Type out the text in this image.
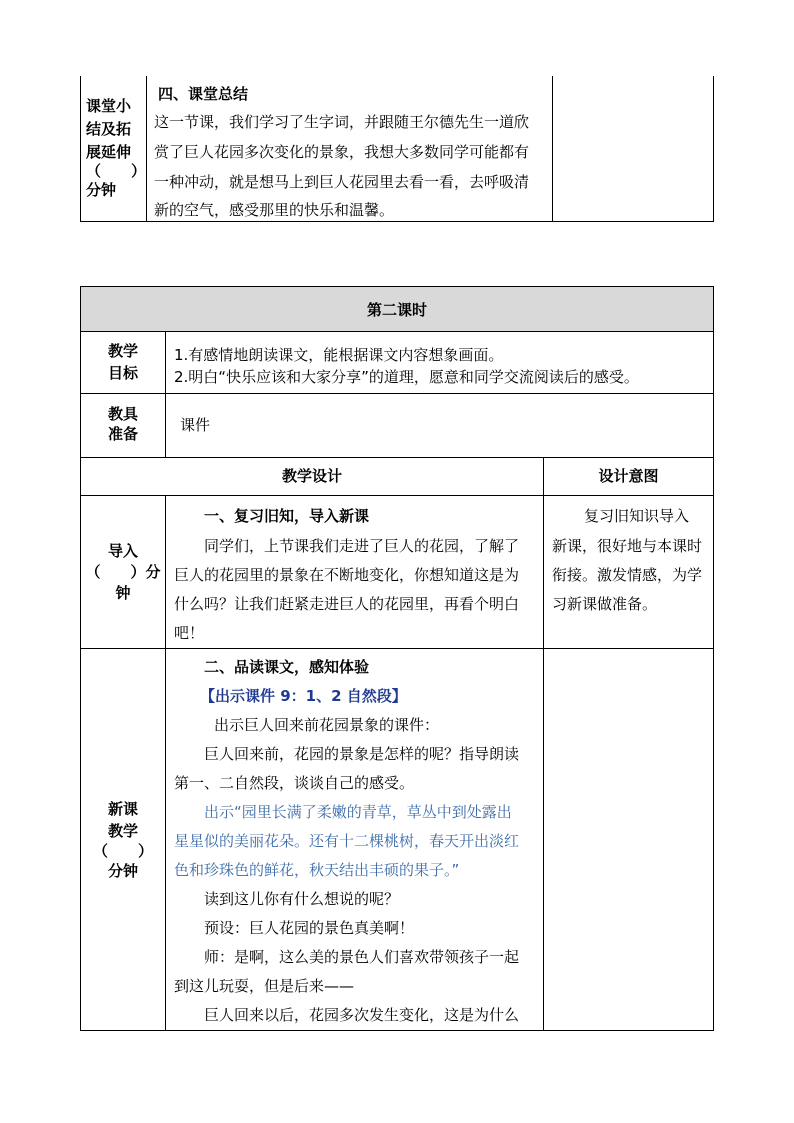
课堂小
结及拓
展延伸
（　　）
分钟
四、课堂总结
这一节课，我们学习了生字词，并跟随王尔德先生一道欣
赏了巨人花园多次变化的景象，我想大多数同学可能都有
一种冲动，就是想马上到巨人花园里去看一看，去呼吸清
新的空气，感受那里的快乐和温馨。
第二课时
教学
目标
1.有感情地朗读课文，能根据课文内容想象画面。
2.明白“快乐应该和大家分享”的道理，愿意和同学交流阅读后的感受。
教具
准备	课件
教学设计	设计意图
导入
（　　）分
钟
一、复习旧知，导入新课
同学们，上节课我们走进了巨人的花园，了解了
巨人的花园里的景象在不断地变化，你想知道这是为
什么吗？让我们赶紧走进巨人的花园里，再看个明白
吧！
复习旧知识导入
新课，很好地与本课时
衔接。激发情感，为学
习新课做准备。
新课
教学
（　　）
分钟
二、品读课文，感知体验
【出示课件 9：1、2 自然段】
出示巨人回来前花园景象的课件：
巨人回来前，花园的景象是怎样的呢？指导朗读
第一、二自然段，谈谈自己的感受。
出示“园里长满了柔嫩的青草，草丛中到处露出
星星似的美丽花朵。还有十二棵桃树，春天开出淡红
色和珍珠色的鲜花，秋天结出丰硕的果子。”
读到这儿你有什么想说的呢？
预设：巨人花园的景色真美啊！
师：是啊，这么美的景色人们喜欢带领孩子一起
到这儿玩耍，但是后来——
巨人回来以后，花园多次发生变化，这是为什么
